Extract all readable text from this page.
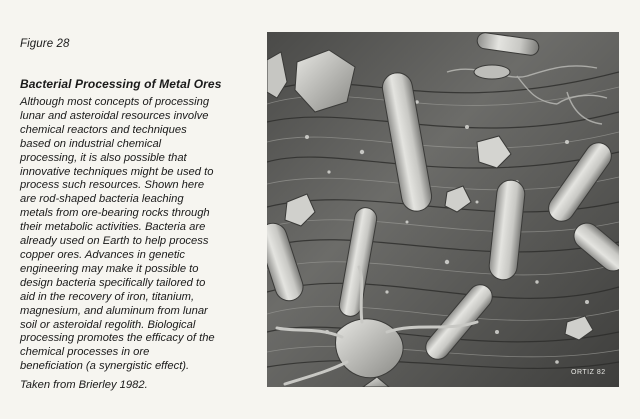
Figure 28

Bacterial Processing of Metal Ores

Although most concepts of processing
lunar and asteroidal resources involve
chemical reactors and techniques
based on industrial chemical
processing, it is also possible that
innovative techniques might be used to
process such resources. Shown here
are rod-shaped bacteria leaching
metals from ore-bearing rocks through
their metabolic activities. Bacteria are
already used on Earth to help process
copper ores. Advances in genetic
engineering may make it possible to
design bacteria specifically tailored to
aid in the recovery of iron, titanium,
magnesium, and aluminum from lunar
soil or asteroidal regolith. Biological
processing promotes the efficacy of the
chemical processes in ore
beneficiation (a synergistic effect).

Taken from Brierley 1982.

ORTIZ 82
